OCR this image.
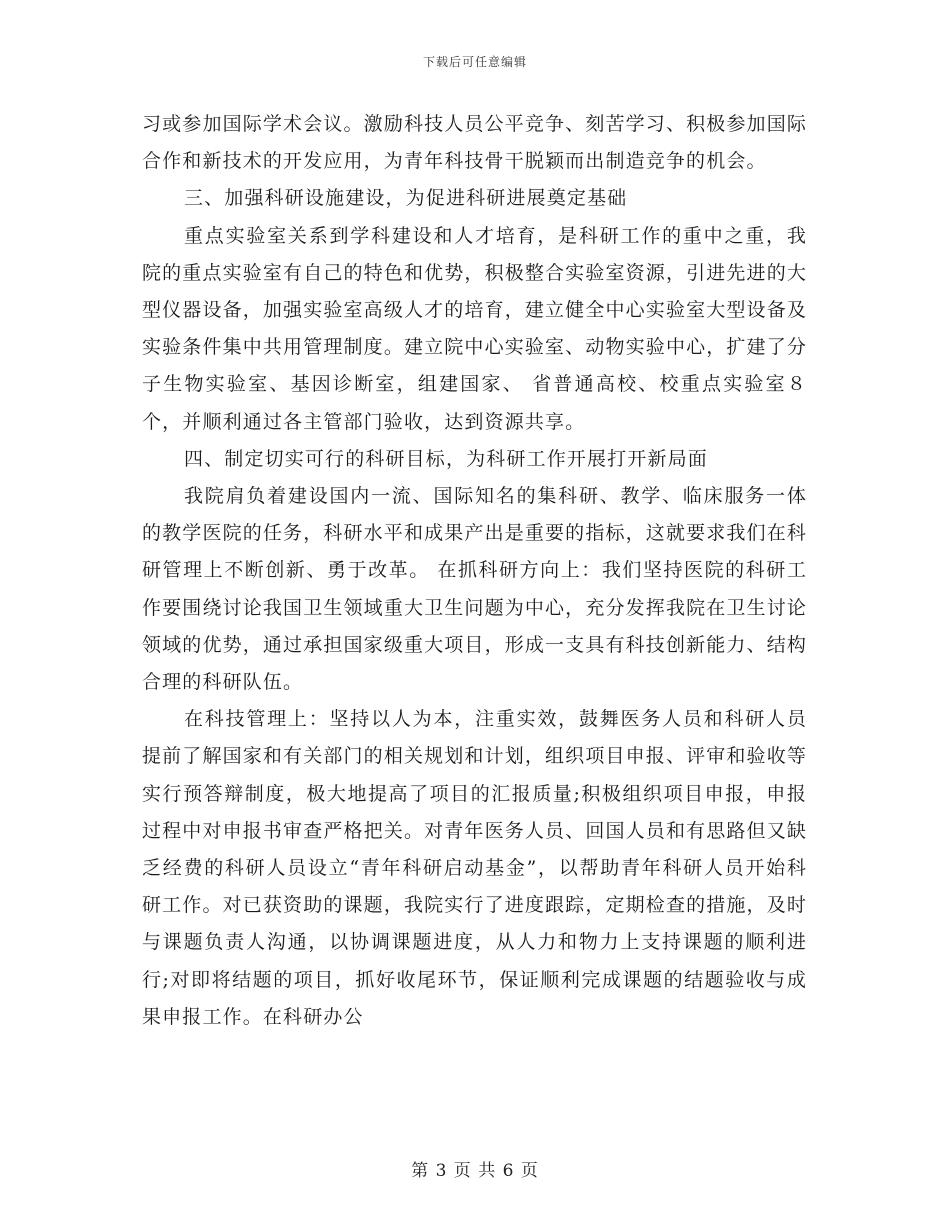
下载后可任意编辑

习或参加国际学术会议。激励科技人员公平竞争、刻苦学习、积极参加国际合作和新技术的开发应用，为青年科技骨干脱颖而出制造竞争的机会。

三、加强科研设施建设，为促进科研进展奠定基础

重点实验室关系到学科建设和人才培育，是科研工作的重中之重，我院的重点实验室有自己的特色和优势，积极整合实验室资源，引进先进的大型仪器设备，加强实验室高级人才的培育，建立健全中心实验室大型设备及实验条件集中共用管理制度。建立院中心实验室、动物实验中心，扩建了分子生物实验室、基因诊断室，组建国家、 省普通高校、校重点实验室８个，并顺利通过各主管部门验收，达到资源共享。

四、制定切实可行的科研目标，为科研工作开展打开新局面

我院肩负着建设国内一流、国际知名的集科研、教学、临床服务一体的教学医院的任务，科研水平和成果产出是重要的指标，这就要求我们在科研管理上不断创新、勇于改革。 在抓科研方向上：我们坚持医院的科研工作要围绕讨论我国卫生领域重大卫生问题为中心，充分发挥我院在卫生讨论领域的优势，通过承担国家级重大项目，形成一支具有科技创新能力、结构合理的科研队伍。

在科技管理上：坚持以人为本，注重实效，鼓舞医务人员和科研人员提前了解国家和有关部门的相关规划和计划，组织项目申报、评审和验收等实行预答辩制度，极大地提高了项目的汇报质量;积极组织项目申报，申报过程中对申报书审查严格把关。对青年医务人员、回国人员和有思路但又缺乏经费的科研人员设立“青年科研启动基金”，以帮助青年科研人员开始科研工作。对已获资助的课题，我院实行了进度跟踪，定期检查的措施，及时与课题负责人沟通，以协调课题进度，从人力和物力上支持课题的顺利进行;对即将结题的项目，抓好收尾环节，保证顺利完成课题的结题验收与成果申报工作。在科研办公

第 3 页 共 6 页
